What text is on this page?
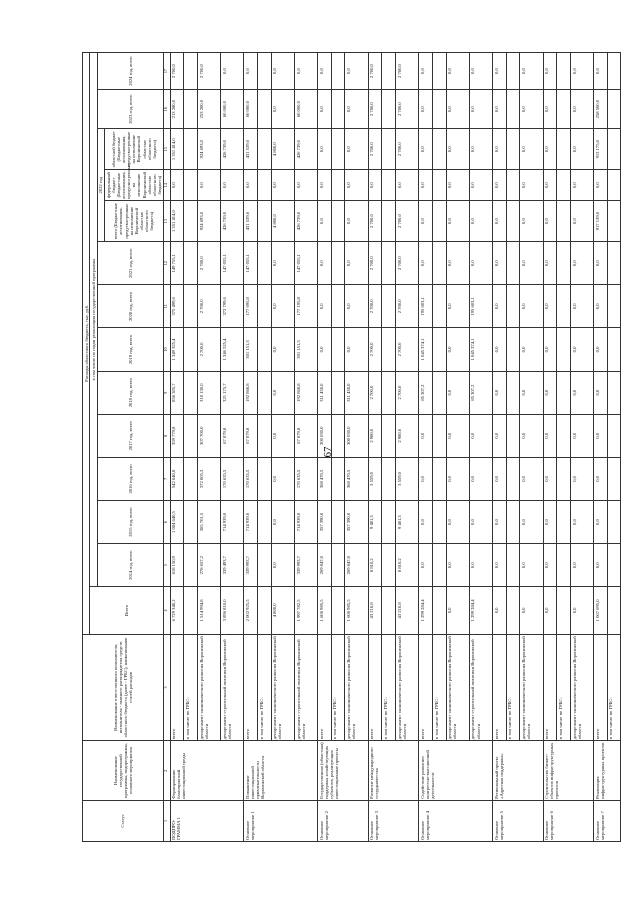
67
Статус	Наименование государственной программы, подпрограммы, основного мероприятия	Наименование ответственного исполнителя, исполнителя - главного распорядителя средств областного бюджета (далее - ГРБС), наименование статей расходов	Расходы областного бюджета, тыс. руб.													
			Всего	в том числе по годам реализации государственной программы												
				2014 год, всего	2015 год, всего	2016 год, всего	2017 год, всего	2018 год, всего	2019 год, всего	2020 год, всего	2021 год, всего	2022 год			2023 год, всего	2024 год, всего
												всего (Бюджетные ассигнования, предусмотренные на исполнение Воронежской областью областного бюджета)	федеральный бюджет (Бюджетные ассигнования, предусмотренные на исполнение Воронежской областью областного бюджета)	областной бюджет (Бюджетные ассигнования, предусмотренные на исполнение Воронежской областью областного бюджета)		
1	2	3	4	5	6	7	8	9	10	11	12	13	14	15	16	17
ПОДПРО-ГРАММА 1	Формирование благоприятной инвестиционной среды	всего	6 729 340,2	618 150,9	1 084 640,5	542 640,8	359 779,8	856 305,7	1 349 325,4	375 499,6	149 755,1	1 351 414,0	0,0	1 351 414,0	213 280,0	2 700,0
		в том числе по ГРБС:														
		департамент экономического развития Воронежской области	1 514 994,8	278 657,2	365 701,5	372 005,3	307 700,0	310 130,0	2 700,0	2 700,0	2 700,0	924 693,0	0,0	924 693,0	253 200,0	2 700,0
		департамент строительной политики Воронежской области	3 896 810,0	339 493,7	714 939,0	170 635,5	67 079,8	321 175,7	1 346 525,4	372 799,6	147 055,1	426 739,0	0,0	426 739,0	60 000,0	0,0
Основное мероприятие 1	Повышение инвестиционной привлекательности Воронежской области	всего	2 002 925,5	339 993,7	714 939,0	170 635,5	67 079,8	192 868,8	301 151,3	177 695,8	147 055,1	431 539,0	0,0	431 539,0	60 000,0	0,0
		в том числе по ГРБС:														
		департамент экономического развития Воронежской области	4 800,0	0,0	0,0	0,0	0,0	0,0	0,0	0,0	0,0	4 800,0	0,0	4 800,0	0,0	0,0
		департамент строительной политики Воронежской области	1 997 782,5	339 993,7	714 939,0	170 635,5	67 079,8	192 868,8	301 151,3	177 195,8	147 055,1	426 739,0	0,0	426 739,0	60 000,0	0,0
Основное мероприятие 2	Государственная (областная) поддержка хозяйствующих субъектов, реализующих инвестиционные проекты	всего	1 606 985,5	269 847,0	357 390,0	368 470,5	300 030,0	311 430,0	0,0	0,0	0,0	0,0	0,0	0,0	0,0	0,0
		в том числе по ГРБС:														
		департамент экономического развития Воронежской области	1 606 985,5	269 847,0	357 390,0	368 470,5	300 030,0	311 430,0	0,0	0,0	0,0	0,0	0,0	0,0	0,0	0,0
Основное мероприятие 3	Развитие международного сотрудничества	всего	43 210,8	8 810,2	9 401,5	3 559,0	2 980,0	2 700,0	2 700,0	2 700,0	2 700,0	2 700,0	0,0	2 700,0	2 700,0	2 700,0
		в том числе по ГРБС:														
		департамент экономического развития Воронежской области	43 210,8	8 810,2	9 401,5	3 559,0	2 980,0	2 700,0	2 700,0	2 700,0	2 700,0	2 700,0	0,0	2 700,0	2 700,0	2 700,0
Основное мероприятие 4	Содействие развитию конгрессно-выставочной деятельности	всего	1 299 284,4	0,0	0,0	0,0	0,0	85 307,2	1 045 374,1	195 603,1	0,0	0,0	0,0	0,0	0,0	0,0
		в том числе по ГРБС:														
		департамент экономического развития Воронежской области	0,0	0,0	0,0	0,0	0,0	0,0	0,0	0,0	0,0	0,0	0,0	0,0	0,0	0,0
		департамент строительной политики Воронежской области	1 299 284,4	0,0	0,0	0,0	0,0	85 307,2	1 045 374,1	195 603,1	0,0	0,0	0,0	0,0	0,0	0,0
Основное мероприятие 5	Региональный проект «Адресная поддержка»	всего	0,0	0,0	0,0	0,0	0,0	0,0	0,0	0,0	0,0	0,0	0,0	0,0	0,0	0,0
		в том числе по ГРБС:														
		департамент экономического развития Воронежской области	0,0	0,0	0,0	0,0	0,0	0,0	0,0	0,0	0,0	0,0	0,0	0,0	0,0	0,0
Основное мероприятие 6	Строительство бизнес-объектов инфраструктурных проектов	всего	0,0	0,0	0,0	0,0	0,0	0,0	0,0	0,0	0,0	0,0	0,0	0,0	0,0	0,0
		в том числе по ГРБС:														
		департамент экономического развития Воронежской области	0,0	0,0	0,0	0,0	0,0	0,0	0,0	0,0	0,0	0,0	0,0	0,0	0,0	0,0
Основное мероприятие 7	Реализация инфраструктурных проектов	всего	1 067 695,0	0,0	0,0	0,0	0,0	0,0	0,0	0,0	0,0	917 139,0	0,0	913 175,0	258 500,0	0,0
		в том числе по ГРБС:														
